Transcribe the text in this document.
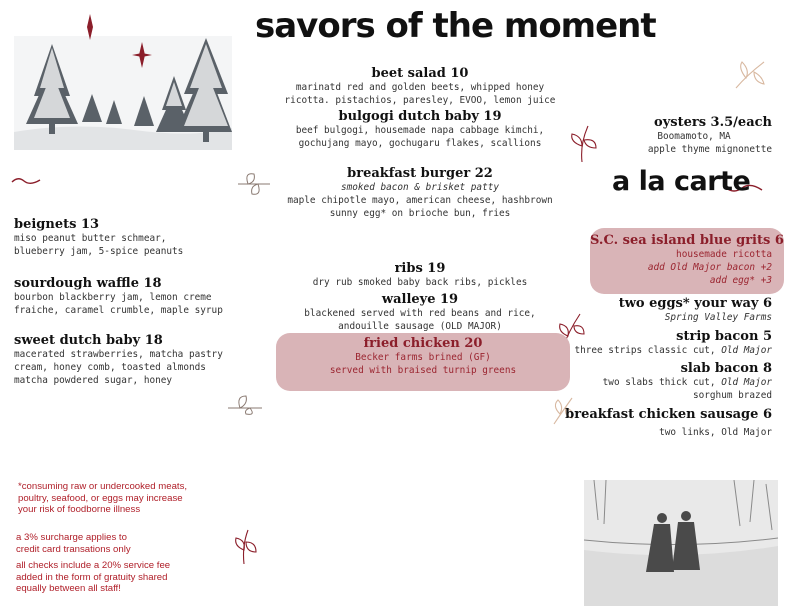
savors of the moment
beet salad 10
marinatd red and golden beets, whipped honey
ricotta. pistachios, paresley, EVOO, lemon juice
bulgogi dutch baby 19
beef bulgogi, housemade napa cabbage kimchi,
gochujang mayo, gochugaru flakes, scallions
breakfast burger 22
smoked bacon & brisket patty
maple chipotle mayo, american cheese, hashbrown
sunny egg* on brioche bun, fries
ribs 19
dry rub smoked baby back ribs, pickles
walleye 19
blackened served with red beans and rice,
andouille sausage (OLD MAJOR)
fried chicken 20
Becker farms brined (GF)
served with braised turnip greens
beignets 13
miso peanut butter schmear,
blueberry jam, 5-spice peanuts
sourdough waffle 18
bourbon blackberry jam, lemon creme
fraiche, caramel crumble, maple syrup
sweet dutch baby 18
macerated strawberries, matcha pastry
cream, honey comb, toasted almonds
matcha powdered sugar, honey
oysters 3.5/each
Boomamoto, MA
apple thyme mignonette
a la carte
S.C. sea island blue grits 6
housemade ricotta
add Old Major bacon +2
add egg* +3
two eggs* your way 6
Spring Valley Farms
strip bacon 5
three strips classic cut, Old Major
slab bacon 8
two slabs thick cut, Old Major
sorghum brazed
breakfast chicken sausage 6
two links, Old Major
*consuming raw or undercooked meats,
poultry, seafood, or eggs may increase
your risk of foodborne illness
a 3% surcharge applies to
credit card transations only
all checks include a 20% service fee
added in the form of gratuity shared
equally between all staff!
